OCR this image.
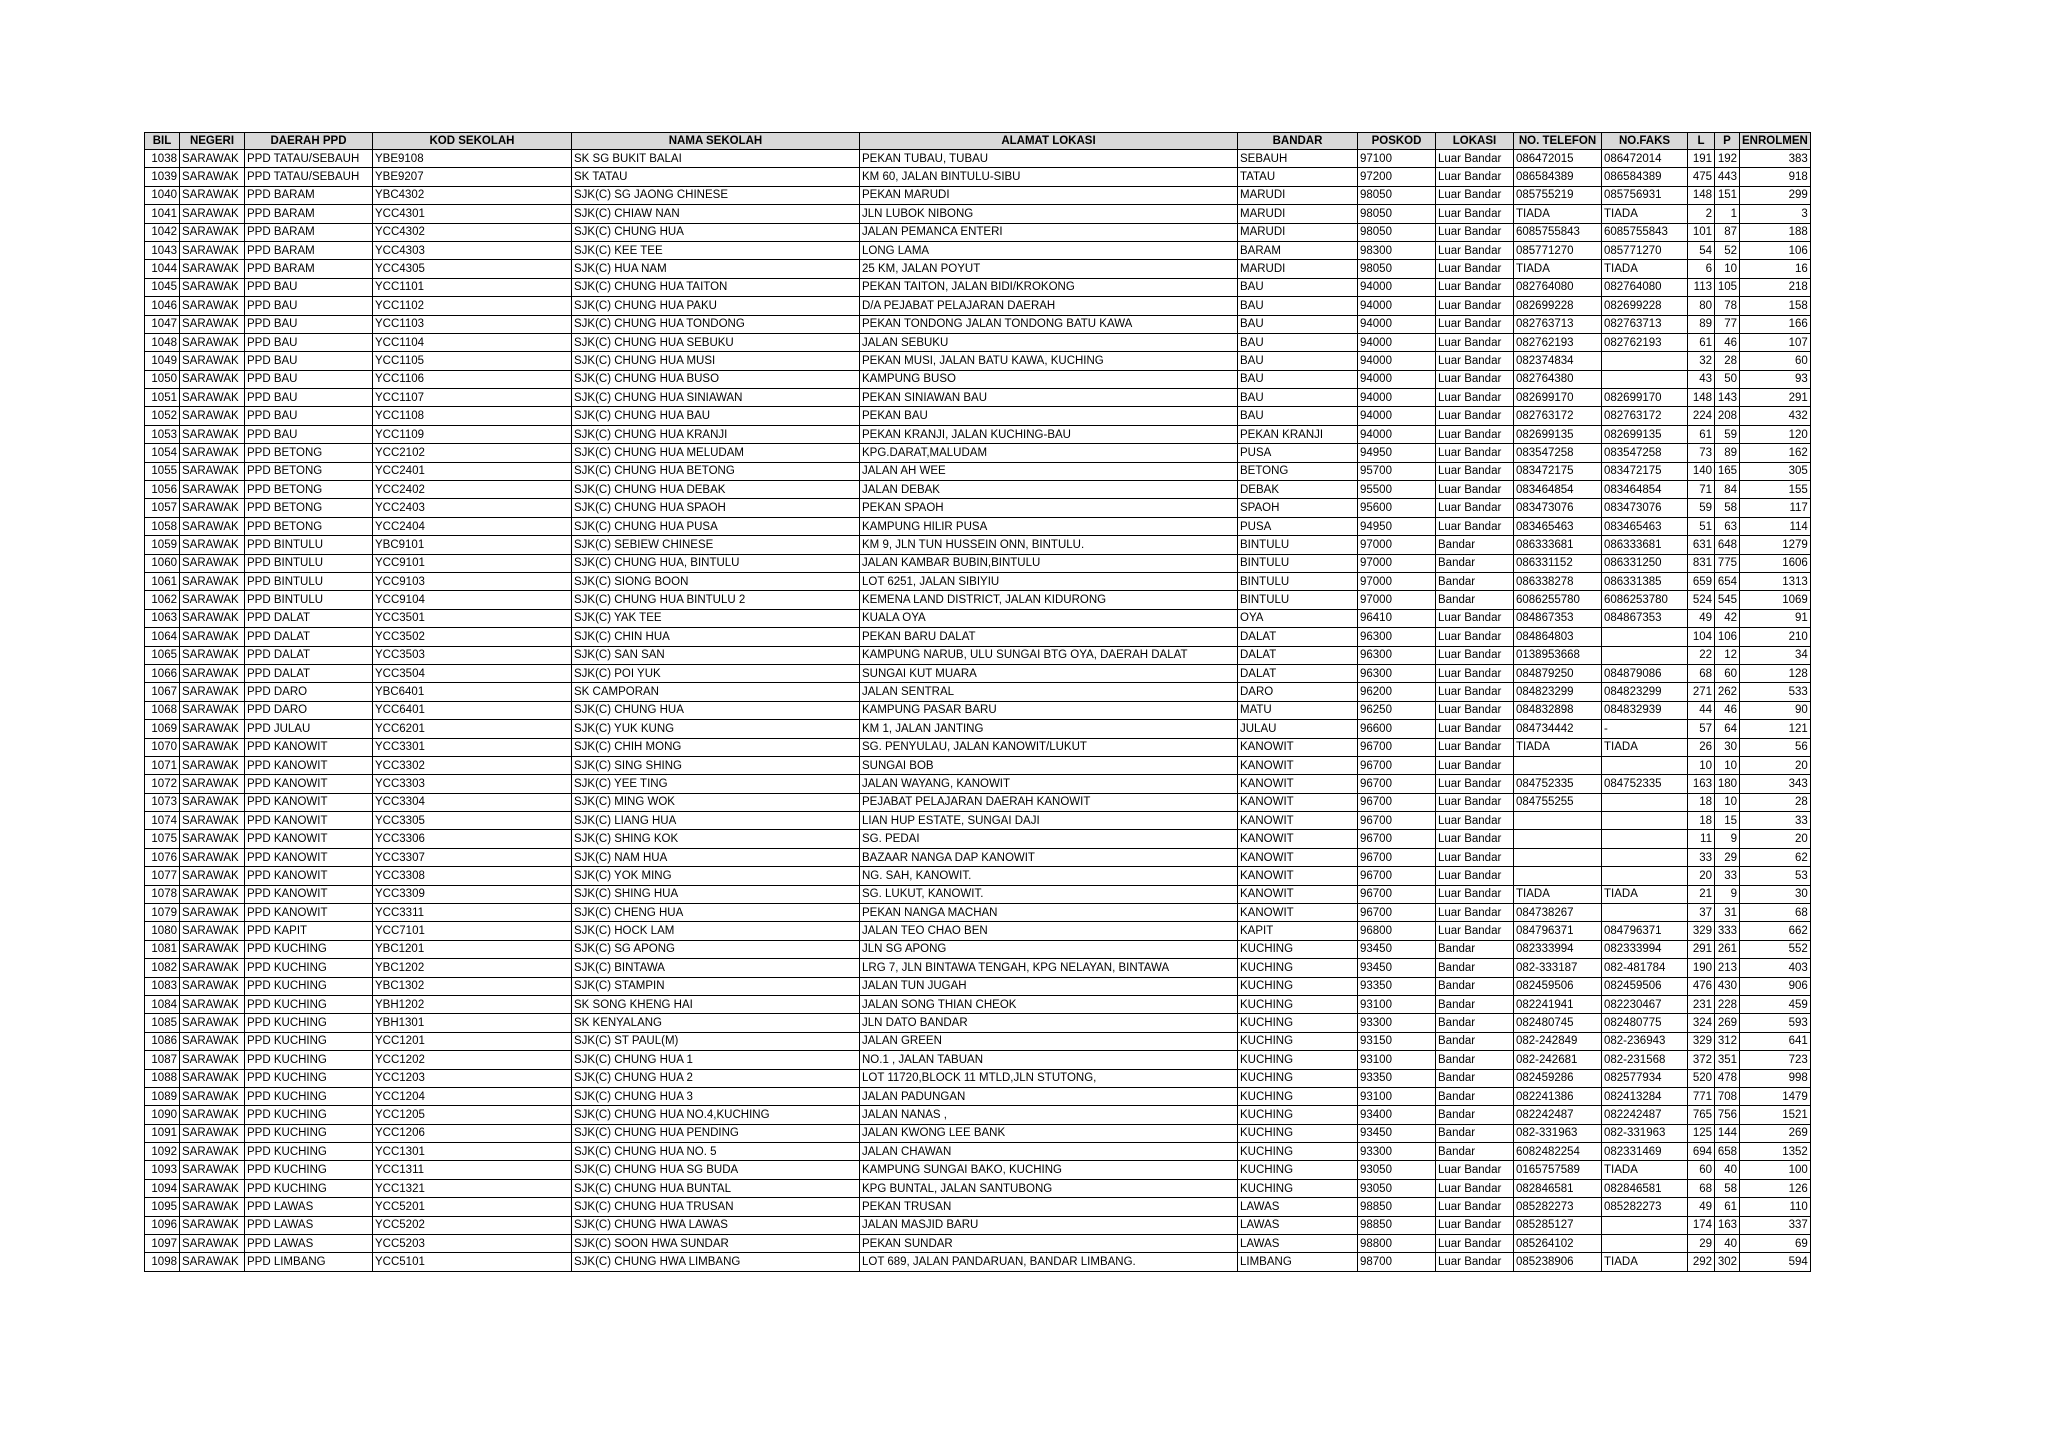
BIL	NEGERI	DAERAH PPD	KOD SEKOLAH	NAMA SEKOLAH	ALAMAT LOKASI	BANDAR	POSKOD	LOKASI	NO. TELEFON	NO.FAKS	L	P	ENROLMEN
1038	SARAWAK	PPD TATAU/SEBAUH	YBE9108	SK SG BUKIT BALAI	PEKAN TUBAU, TUBAU	SEBAUH	97100	Luar Bandar	086472015	086472014	191	192	383
1039	SARAWAK	PPD TATAU/SEBAUH	YBE9207	SK TATAU	KM 60, JALAN BINTULU-SIBU	TATAU	97200	Luar Bandar	086584389	086584389	475	443	918
1040	SARAWAK	PPD BARAM	YBC4302	SJK(C) SG JAONG CHINESE	PEKAN MARUDI	MARUDI	98050	Luar Bandar	085755219	085756931	148	151	299
1041	SARAWAK	PPD BARAM	YCC4301	SJK(C) CHIAW NAN	JLN LUBOK NIBONG	MARUDI	98050	Luar Bandar	TIADA	TIADA	2	1	3
1042	SARAWAK	PPD BARAM	YCC4302	SJK(C) CHUNG HUA	JALAN PEMANCA ENTERI	MARUDI	98050	Luar Bandar	6085755843	6085755843	101	87	188
1043	SARAWAK	PPD BARAM	YCC4303	SJK(C) KEE TEE	LONG LAMA	BARAM	98300	Luar Bandar	085771270	085771270	54	52	106
1044	SARAWAK	PPD BARAM	YCC4305	SJK(C) HUA NAM	25 KM, JALAN POYUT	MARUDI	98050	Luar Bandar	TIADA	TIADA	6	10	16
1045	SARAWAK	PPD BAU	YCC1101	SJK(C) CHUNG HUA TAITON	PEKAN TAITON, JALAN BIDI/KROKONG	BAU	94000	Luar Bandar	082764080	082764080	113	105	218
1046	SARAWAK	PPD BAU	YCC1102	SJK(C) CHUNG HUA PAKU	D/A PEJABAT PELAJARAN DAERAH	BAU	94000	Luar Bandar	082699228	082699228	80	78	158
1047	SARAWAK	PPD BAU	YCC1103	SJK(C) CHUNG HUA TONDONG	PEKAN TONDONG JALAN TONDONG BATU KAWA	BAU	94000	Luar Bandar	082763713	082763713	89	77	166
1048	SARAWAK	PPD BAU	YCC1104	SJK(C) CHUNG HUA SEBUKU	JALAN SEBUKU	BAU	94000	Luar Bandar	082762193	082762193	61	46	107
1049	SARAWAK	PPD BAU	YCC1105	SJK(C) CHUNG HUA MUSI	PEKAN MUSI, JALAN BATU KAWA, KUCHING	BAU	94000	Luar Bandar	082374834		32	28	60
1050	SARAWAK	PPD BAU	YCC1106	SJK(C) CHUNG HUA BUSO	KAMPUNG BUSO	BAU	94000	Luar Bandar	082764380		43	50	93
1051	SARAWAK	PPD BAU	YCC1107	SJK(C) CHUNG HUA SINIAWAN	PEKAN SINIAWAN BAU	BAU	94000	Luar Bandar	082699170	082699170	148	143	291
1052	SARAWAK	PPD BAU	YCC1108	SJK(C) CHUNG HUA BAU	PEKAN BAU	BAU	94000	Luar Bandar	082763172	082763172	224	208	432
1053	SARAWAK	PPD BAU	YCC1109	SJK(C) CHUNG HUA KRANJI	PEKAN KRANJI, JALAN KUCHING-BAU	PEKAN KRANJI	94000	Luar Bandar	082699135	082699135	61	59	120
1054	SARAWAK	PPD BETONG	YCC2102	SJK(C) CHUNG HUA MELUDAM	KPG.DARAT,MALUDAM	PUSA	94950	Luar Bandar	083547258	083547258	73	89	162
1055	SARAWAK	PPD BETONG	YCC2401	SJK(C) CHUNG HUA BETONG	JALAN AH WEE	BETONG	95700	Luar Bandar	083472175	083472175	140	165	305
1056	SARAWAK	PPD BETONG	YCC2402	SJK(C) CHUNG HUA DEBAK	JALAN DEBAK	DEBAK	95500	Luar Bandar	083464854	083464854	71	84	155
1057	SARAWAK	PPD BETONG	YCC2403	SJK(C) CHUNG HUA SPAOH	PEKAN SPAOH	SPAOH	95600	Luar Bandar	083473076	083473076	59	58	117
1058	SARAWAK	PPD BETONG	YCC2404	SJK(C) CHUNG HUA PUSA	KAMPUNG HILIR PUSA	PUSA	94950	Luar Bandar	083465463	083465463	51	63	114
1059	SARAWAK	PPD BINTULU	YBC9101	SJK(C) SEBIEW CHINESE	KM 9, JLN TUN HUSSEIN ONN, BINTULU.	BINTULU	97000	Bandar	086333681	086333681	631	648	1279
1060	SARAWAK	PPD BINTULU	YCC9101	SJK(C) CHUNG HUA, BINTULU	JALAN KAMBAR BUBIN,BINTULU	BINTULU	97000	Bandar	086331152	086331250	831	775	1606
1061	SARAWAK	PPD BINTULU	YCC9103	SJK(C) SIONG BOON	LOT 6251, JALAN SIBIYIU	BINTULU	97000	Bandar	086338278	086331385	659	654	1313
1062	SARAWAK	PPD BINTULU	YCC9104	SJK(C) CHUNG HUA BINTULU 2	KEMENA LAND DISTRICT, JALAN KIDURONG	BINTULU	97000	Bandar	6086255780	6086253780	524	545	1069
1063	SARAWAK	PPD DALAT	YCC3501	SJK(C) YAK TEE	KUALA OYA	OYA	96410	Luar Bandar	084867353	084867353	49	42	91
1064	SARAWAK	PPD DALAT	YCC3502	SJK(C) CHIN HUA	PEKAN BARU DALAT	DALAT	96300	Luar Bandar	084864803		104	106	210
1065	SARAWAK	PPD DALAT	YCC3503	SJK(C) SAN SAN	KAMPUNG NARUB, ULU SUNGAI BTG OYA, DAERAH DALAT	DALAT	96300	Luar Bandar	0138953668		22	12	34
1066	SARAWAK	PPD DALAT	YCC3504	SJK(C) POI YUK	SUNGAI KUT MUARA	DALAT	96300	Luar Bandar	084879250	084879086	68	60	128
1067	SARAWAK	PPD DARO	YBC6401	SK CAMPORAN	JALAN SENTRAL	DARO	96200	Luar Bandar	084823299	084823299	271	262	533
1068	SARAWAK	PPD DARO	YCC6401	SJK(C) CHUNG HUA	KAMPUNG PASAR BARU	MATU	96250	Luar Bandar	084832898	084832939	44	46	90
1069	SARAWAK	PPD JULAU	YCC6201	SJK(C) YUK KUNG	KM 1, JALAN JANTING	JULAU	96600	Luar Bandar	084734442	-	57	64	121
1070	SARAWAK	PPD KANOWIT	YCC3301	SJK(C) CHIH MONG	SG. PENYULAU, JALAN KANOWIT/LUKUT	KANOWIT	96700	Luar Bandar	TIADA	TIADA	26	30	56
1071	SARAWAK	PPD KANOWIT	YCC3302	SJK(C) SING SHING	SUNGAI BOB	KANOWIT	96700	Luar Bandar			10	10	20
1072	SARAWAK	PPD KANOWIT	YCC3303	SJK(C) YEE TING	JALAN WAYANG, KANOWIT	KANOWIT	96700	Luar Bandar	084752335	084752335	163	180	343
1073	SARAWAK	PPD KANOWIT	YCC3304	SJK(C) MING WOK	PEJABAT PELAJARAN DAERAH KANOWIT	KANOWIT	96700	Luar Bandar	084755255		18	10	28
1074	SARAWAK	PPD KANOWIT	YCC3305	SJK(C) LIANG HUA	LIAN HUP ESTATE, SUNGAI DAJI	KANOWIT	96700	Luar Bandar			18	15	33
1075	SARAWAK	PPD KANOWIT	YCC3306	SJK(C) SHING KOK	SG. PEDAI	KANOWIT	96700	Luar Bandar			11	9	20
1076	SARAWAK	PPD KANOWIT	YCC3307	SJK(C) NAM HUA	BAZAAR NANGA DAP KANOWIT	KANOWIT	96700	Luar Bandar			33	29	62
1077	SARAWAK	PPD KANOWIT	YCC3308	SJK(C) YOK MING	NG. SAH, KANOWIT.	KANOWIT	96700	Luar Bandar			20	33	53
1078	SARAWAK	PPD KANOWIT	YCC3309	SJK(C) SHING HUA	SG. LUKUT, KANOWIT.	KANOWIT	96700	Luar Bandar	TIADA	TIADA	21	9	30
1079	SARAWAK	PPD KANOWIT	YCC3311	SJK(C) CHENG HUA	PEKAN NANGA MACHAN	KANOWIT	96700	Luar Bandar	084738267		37	31	68
1080	SARAWAK	PPD KAPIT	YCC7101	SJK(C) HOCK LAM	JALAN TEO CHAO BEN	KAPIT	96800	Luar Bandar	084796371	084796371	329	333	662
1081	SARAWAK	PPD KUCHING	YBC1201	SJK(C) SG APONG	JLN SG APONG	KUCHING	93450	Bandar	082333994	082333994	291	261	552
1082	SARAWAK	PPD KUCHING	YBC1202	SJK(C) BINTAWA	LRG 7, JLN BINTAWA TENGAH, KPG NELAYAN, BINTAWA	KUCHING	93450	Bandar	082-333187	082-481784	190	213	403
1083	SARAWAK	PPD KUCHING	YBC1302	SJK(C) STAMPIN	JALAN TUN JUGAH	KUCHING	93350	Bandar	082459506	082459506	476	430	906
1084	SARAWAK	PPD KUCHING	YBH1202	SK SONG KHENG HAI	JALAN SONG THIAN CHEOK	KUCHING	93100	Bandar	082241941	082230467	231	228	459
1085	SARAWAK	PPD KUCHING	YBH1301	SK KENYALANG	JLN DATO BANDAR	KUCHING	93300	Bandar	082480745	082480775	324	269	593
1086	SARAWAK	PPD KUCHING	YCC1201	SJK(C) ST PAUL(M)	JALAN GREEN	KUCHING	93150	Bandar	082-242849	082-236943	329	312	641
1087	SARAWAK	PPD KUCHING	YCC1202	SJK(C) CHUNG HUA 1	NO.1 , JALAN TABUAN	KUCHING	93100	Bandar	082-242681	082-231568	372	351	723
1088	SARAWAK	PPD KUCHING	YCC1203	SJK(C) CHUNG HUA 2	LOT 11720,BLOCK 11 MTLD,JLN STUTONG,	KUCHING	93350	Bandar	082459286	082577934	520	478	998
1089	SARAWAK	PPD KUCHING	YCC1204	SJK(C) CHUNG HUA 3	JALAN PADUNGAN	KUCHING	93100	Bandar	082241386	082413284	771	708	1479
1090	SARAWAK	PPD KUCHING	YCC1205	SJK(C) CHUNG HUA NO.4,KUCHING	JALAN NANAS ,	KUCHING	93400	Bandar	082242487	082242487	765	756	1521
1091	SARAWAK	PPD KUCHING	YCC1206	SJK(C) CHUNG HUA PENDING	JALAN KWONG LEE BANK	KUCHING	93450	Bandar	082-331963	082-331963	125	144	269
1092	SARAWAK	PPD KUCHING	YCC1301	SJK(C) CHUNG HUA NO. 5	JALAN CHAWAN	KUCHING	93300	Bandar	6082482254	082331469	694	658	1352
1093	SARAWAK	PPD KUCHING	YCC1311	SJK(C) CHUNG HUA SG BUDA	KAMPUNG SUNGAI BAKO, KUCHING	KUCHING	93050	Luar Bandar	0165757589	TIADA	60	40	100
1094	SARAWAK	PPD KUCHING	YCC1321	SJK(C) CHUNG HUA BUNTAL	KPG BUNTAL, JALAN SANTUBONG	KUCHING	93050	Luar Bandar	082846581	082846581	68	58	126
1095	SARAWAK	PPD LAWAS	YCC5201	SJK(C) CHUNG HUA TRUSAN	PEKAN TRUSAN	LAWAS	98850	Luar Bandar	085282273	085282273	49	61	110
1096	SARAWAK	PPD LAWAS	YCC5202	SJK(C) CHUNG HWA LAWAS	JALAN MASJID BARU	LAWAS	98850	Luar Bandar	085285127		174	163	337
1097	SARAWAK	PPD LAWAS	YCC5203	SJK(C) SOON HWA SUNDAR	PEKAN SUNDAR	LAWAS	98800	Luar Bandar	085264102		29	40	69
1098	SARAWAK	PPD LIMBANG	YCC5101	SJK(C) CHUNG HWA LIMBANG	LOT 689, JALAN PANDARUAN, BANDAR LIMBANG.	LIMBANG	98700	Luar Bandar	085238906	TIADA	292	302	594
